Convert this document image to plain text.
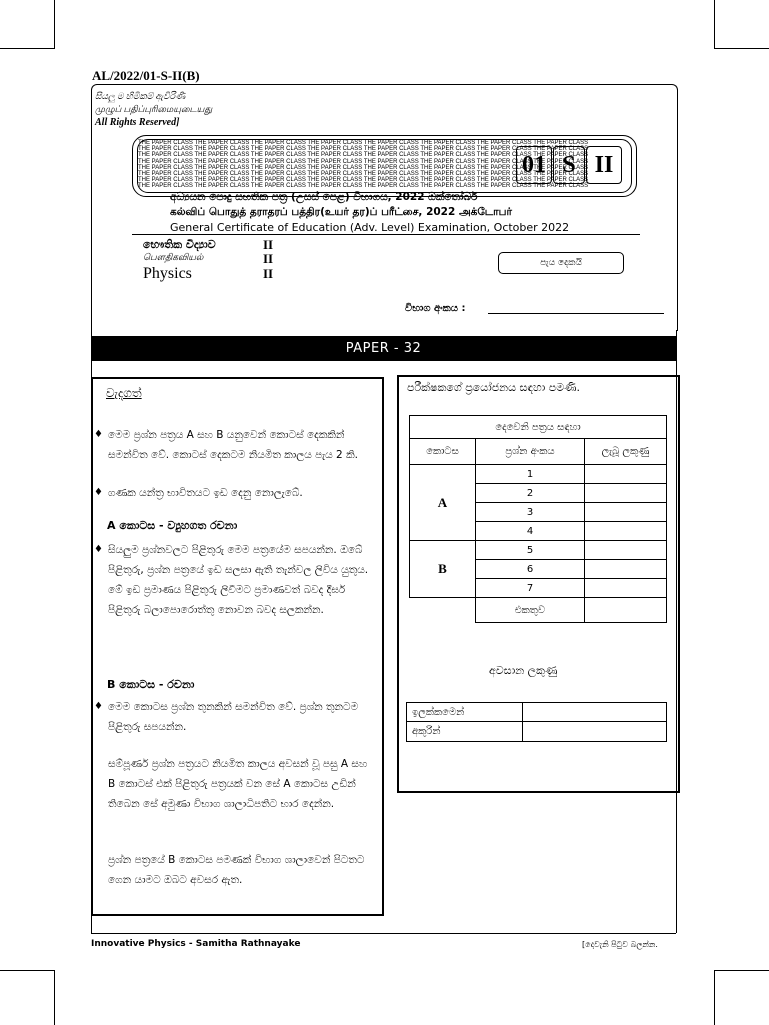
AL/2022/01-S-II(B)
සියලු ම හිමිකම් ඇවිරිණි
முழுப் பதிப்புரிமையுடையது
All Rights Reserved]
THE PAPER CLASS THE PAPER CLASS THE PAPER CLASS THE PAPER CLASS THE PAPER CLASS THE PAPER CLASS THE PAPER CLASS THE PAPER CLASS
THE PAPER CLASS THE PAPER CLASS THE PAPER CLASS THE PAPER CLASS THE PAPER CLASS THE PAPER CLASS THE PAPER CLASS THE PAPER CLASS
THE PAPER CLASS THE PAPER CLASS THE PAPER CLASS THE PAPER CLASS THE PAPER CLASS THE PAPER CLASS THE PAPER CLASS THE PAPER CLASS
THE PAPER CLASS THE PAPER CLASS THE PAPER CLASS THE PAPER CLASS THE PAPER CLASS THE PAPER CLASS THE PAPER CLASS THE PAPER CLASS
THE PAPER CLASS THE PAPER CLASS THE PAPER CLASS THE PAPER CLASS THE PAPER CLASS THE PAPER CLASS THE PAPER CLASS THE PAPER CLASS
THE PAPER CLASS THE PAPER CLASS THE PAPER CLASS THE PAPER CLASS THE PAPER CLASS THE PAPER CLASS THE PAPER CLASS THE PAPER CLASS
THE PAPER CLASS THE PAPER CLASS THE PAPER CLASS THE PAPER CLASS THE PAPER CLASS THE PAPER CLASS THE PAPER CLASS THE PAPER CLASS
THE PAPER CLASS THE PAPER CLASS THE PAPER CLASS THE PAPER CLASS THE PAPER CLASS THE PAPER CLASS THE PAPER CLASS THE PAPER CLASS
01 S II
අධ්‍යයන පොදු සහතික පත්‍ර (උසස් පෙළ) විභාගය, 2022 ඔක්තෝබර්
கல்விப் பொதுத் தராதரப் பத்திர(உயர் தர)ப் பரீட்சை, 2022 அக்டோபர்
General Certificate of Education (Adv. Level) Examination, October 2022
භෞතික විද්‍යාව
பௌதிகவியல்
Physics
II
II
II
පැය දෙකයි
විභාග අංකය :
PAPER - 32
වැදගත්
♦ මෙම ප්‍රශ්න පත්‍රය A සහ B යනුවෙන් කොටස් දෙකකින් සමන්විත වේ. කොටස් දෙකටම නියමිත කාලය පැය 2 කි.
♦ ගණක යන්ත්‍ර භාවිතයට ඉඩ දෙනු නොලැබේ.
A කොටස - ව්‍යුහගත රචනා
♦ සියලුම ප්‍රශ්නවලට පිළිතුරු මෙම පත්‍රයේම සපයන්න. ඔබේ පිළිතුරු, ප්‍රශ්න පත්‍රයේ ඉඩ සලසා ඇති තැන්වල ලිවිය යුතුය. මේ ඉඩ ප්‍රමාණය පිළිතුරු ලිවීමට ප්‍රමාණවත් බවද දීර්ඝ පිළිතුරු බලාපොරොත්තු නොවන බවද සලකන්න.
B කොටස - රචනා
♦ මෙම කොටස ප්‍රශ්න තුනකින් සමන්විත වේ. ප්‍රශ්න තුනටම පිළිතුරු සපයන්න.
සම්පූර්ණ ප්‍රශ්න පත්‍රයට නියමිත කාලය අවසන් වූ පසු A සහ B කොටස් එක් පිළිතුරු පත්‍රයක් වන සේ A කොටස උඩින් තිබෙන සේ අමුණා විභාග ශාලාධිපතිට භාර දෙන්න.
ප්‍රශ්න පත්‍රයේ B කොටස පමණක් විභාග ශාලාවෙන් පිටතට ගෙන යාමට ඔබට අවසර ඇත.
පරීක්ෂකගේ ප්‍රයෝජනය සඳහා පමණි.
දෙවෙනි පත්‍රය සඳහා		
කොටස	ප්‍රශ්න අංකය	ලැබූ ලකුණු
A	1	
	2	
	3	
	4	
B	5	
	6	
	7	
	එකතුව	
අවසාන ලකුණු
ඉලක්කමෙන්	
අකුරින්	
Innovative Physics - Samitha Rathnayake	[දෙවැනි පිටුව බලන්න.
